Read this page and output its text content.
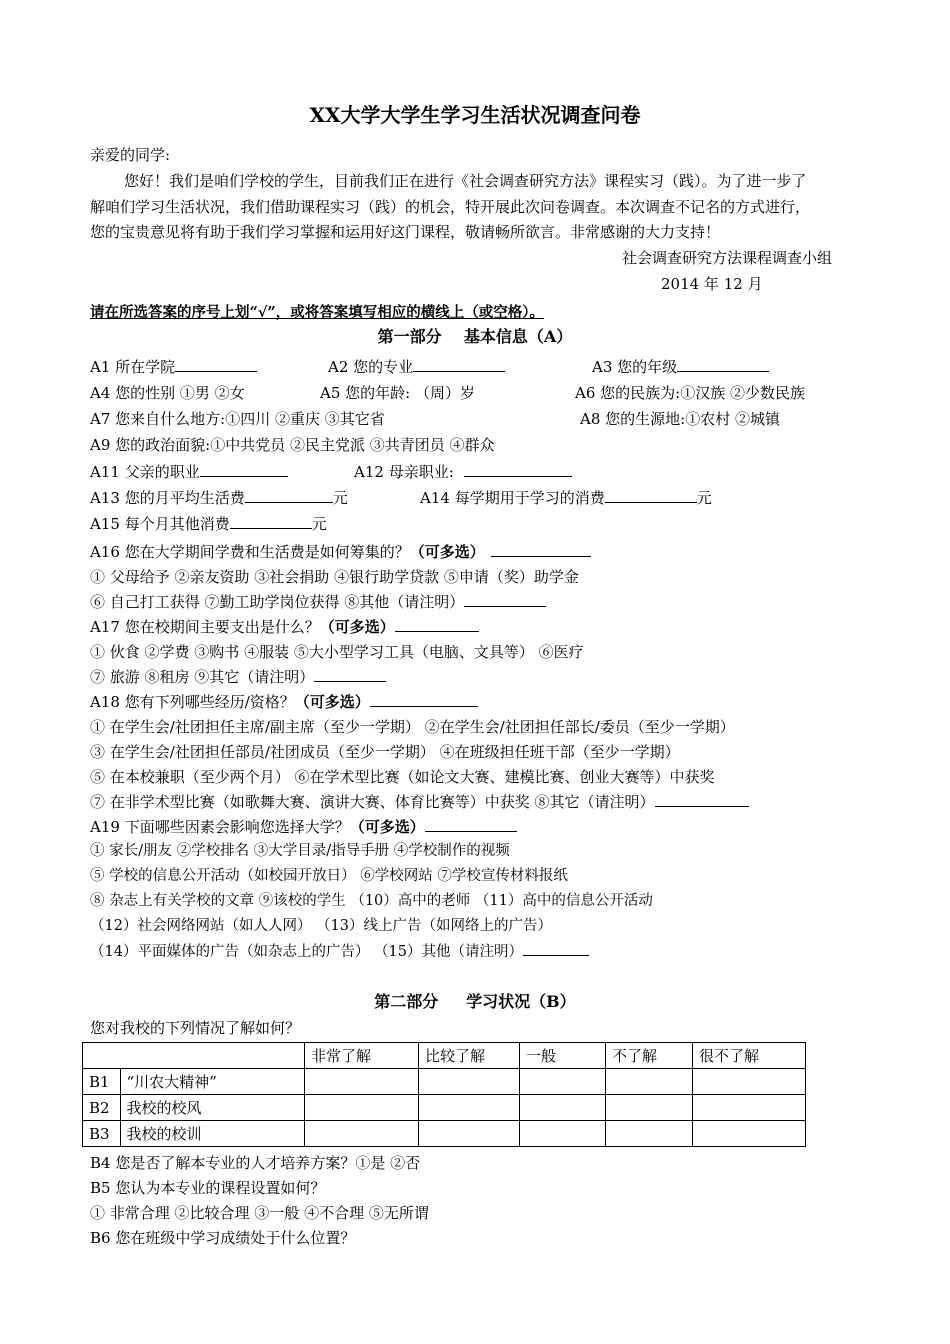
XX大学大学生学习生活状况调查问卷
亲爱的同学:
您好！我们是咱们学校的学生，目前我们正在进行《社会调查研究方法》课程实习（践）。为了进一步了
解咱们学习生活状况，我们借助课程实习（践）的机会，特开展此次问卷调查。本次调查不记名的方式进行，
您的宝贵意见将有助于我们学习掌握和运用好这门课程，敬请畅所欲言。非常感谢的大力支持！
社会调查研究方法课程调查小组
2014 年 12 月
请在所选答案的序号上划“√”，或将答案填写相应的横线上（或空格）。
第一部分    基本信息（A）
A1 所在学院	A2 您的专业	A3 您的年级
A4 您的性别 ①男 ②女	A5 您的年龄: （周）岁	A6 您的民族为:①汉族 ②少数民族
A7 您来自什么地方:①四川 ②重庆 ③其它省	A8 您的生源地:①农村 ②城镇
A9 您的政治面貌:①中共党员 ②民主党派 ③共青团员 ④群众
A11 父亲的职业	A12 母亲职业:
A13 您的月平均生活费	元	A14 每学期用于学习的消费	元
A15 每个月其他消费	元
A16 您在大学期间学费和生活费是如何筹集的？（可多选）
① 父母给予 ②亲友资助 ③社会捐助 ④银行助学贷款 ⑤申请（奖）助学金
⑥ 自己打工获得 ⑦勤工助学岗位获得 ⑧其他（请注明）
A17 您在校期间主要支出是什么？（可多选）
① 伙食 ②学费 ③购书 ④服装 ⑤大小型学习工具（电脑、文具等） ⑥医疗
⑦ 旅游 ⑧租房 ⑨其它（请注明）
A18 您有下列哪些经历/资格？（可多选）
① 在学生会/社团担任主席/副主席（至少一学期） ②在学生会/社团担任部长/委员（至少一学期）
③ 在学生会/社团担任部员/社团成员（至少一学期） ④在班级担任班干部（至少一学期）
⑤ 在本校兼职（至少两个月） ⑥在学术型比赛（如论文大赛、建模比赛、创业大赛等）中获奖
⑦ 在非学术型比赛（如歌舞大赛、演讲大赛、体育比赛等）中获奖 ⑧其它（请注明）
A19 下面哪些因素会影响您选择大学？（可多选）
① 家长/朋友 ②学校排名 ③大学目录/指导手册 ④学校制作的视频
⑤ 学校的信息公开活动（如校园开放日） ⑥学校网站 ⑦学校宣传材料报纸
⑧ 杂志上有关学校的文章 ⑨该校的学生 （10）高中的老师 （11）高中的信息公开活动
（12）社会网络网站（如人人网） （13）线上广告（如网络上的广告）
（14）平面媒体的广告（如杂志上的广告） （15）其他（请注明）
第二部分     学习状况（B）
您对我校的下列情况了解如何？
		非常了解	比较了解	一般	不了解	很不了解
B1	“川农大精神”					
B2	我校的校风					
B3	我校的校训					
B4 您是否了解本专业的人才培养方案？①是 ②否
B5 您认为本专业的课程设置如何？
① 非常合理 ②比较合理 ③一般 ④不合理 ⑤无所谓
B6 您在班级中学习成绩处于什么位置？
